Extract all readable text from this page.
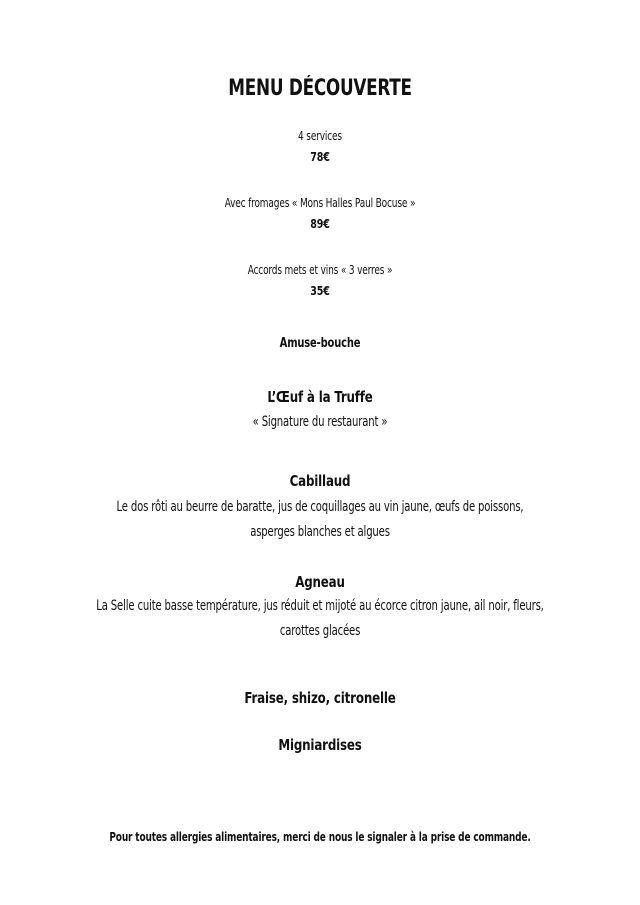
MENU DÉCOUVERTE
4 services
78€
Avec fromages « Mons Halles Paul Bocuse »
89€
Accords mets et vins « 3 verres »
35€
Amuse-bouche
L’Œuf à la Truffe
« Signature du restaurant »
Cabillaud
Le dos rôti au beurre de baratte, jus de coquillages au vin jaune, œufs de poissons,
asperges blanches et algues
Agneau
La Selle cuite basse température, jus réduit et mijoté au écorce citron jaune, ail noir, fleurs,
carottes glacées
Fraise, shizo, citronelle
Migniardises
Pour toutes allergies alimentaires, merci de nous le signaler à la prise de commande.
